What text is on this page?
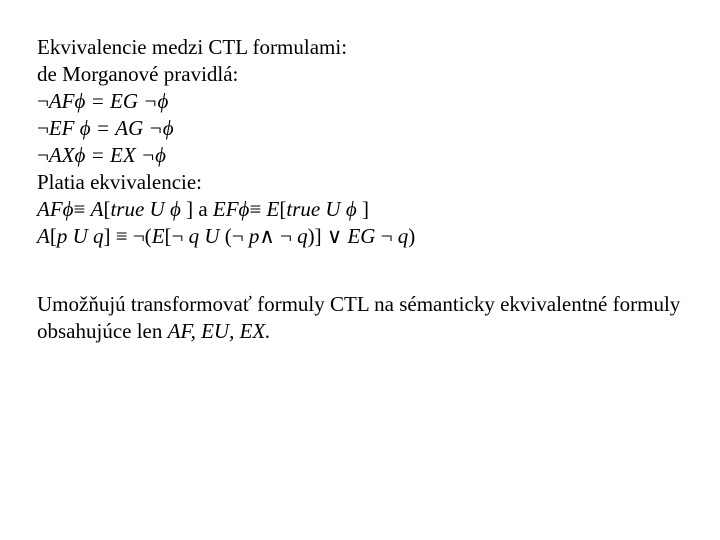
Ekvivalencie medzi CTL formulami:
de Morganové pravidlá:
¬AFϕ = EG ¬ϕ
¬EF ϕ = AG ¬ϕ
¬AXϕ = EX ¬ϕ
Platia ekvivalencie:
AFϕ≡ A[true U ϕ ] a EFϕ≡ E[true U ϕ ]
A[p U q] ≡ ¬(E[¬ q U (¬ p∧ ¬ q)] ∨ EG ¬ q)
Umožňujú transformovať formuly CTL na sémanticky ekvivalentné formuly obsahujúce len AF, EU, EX.
